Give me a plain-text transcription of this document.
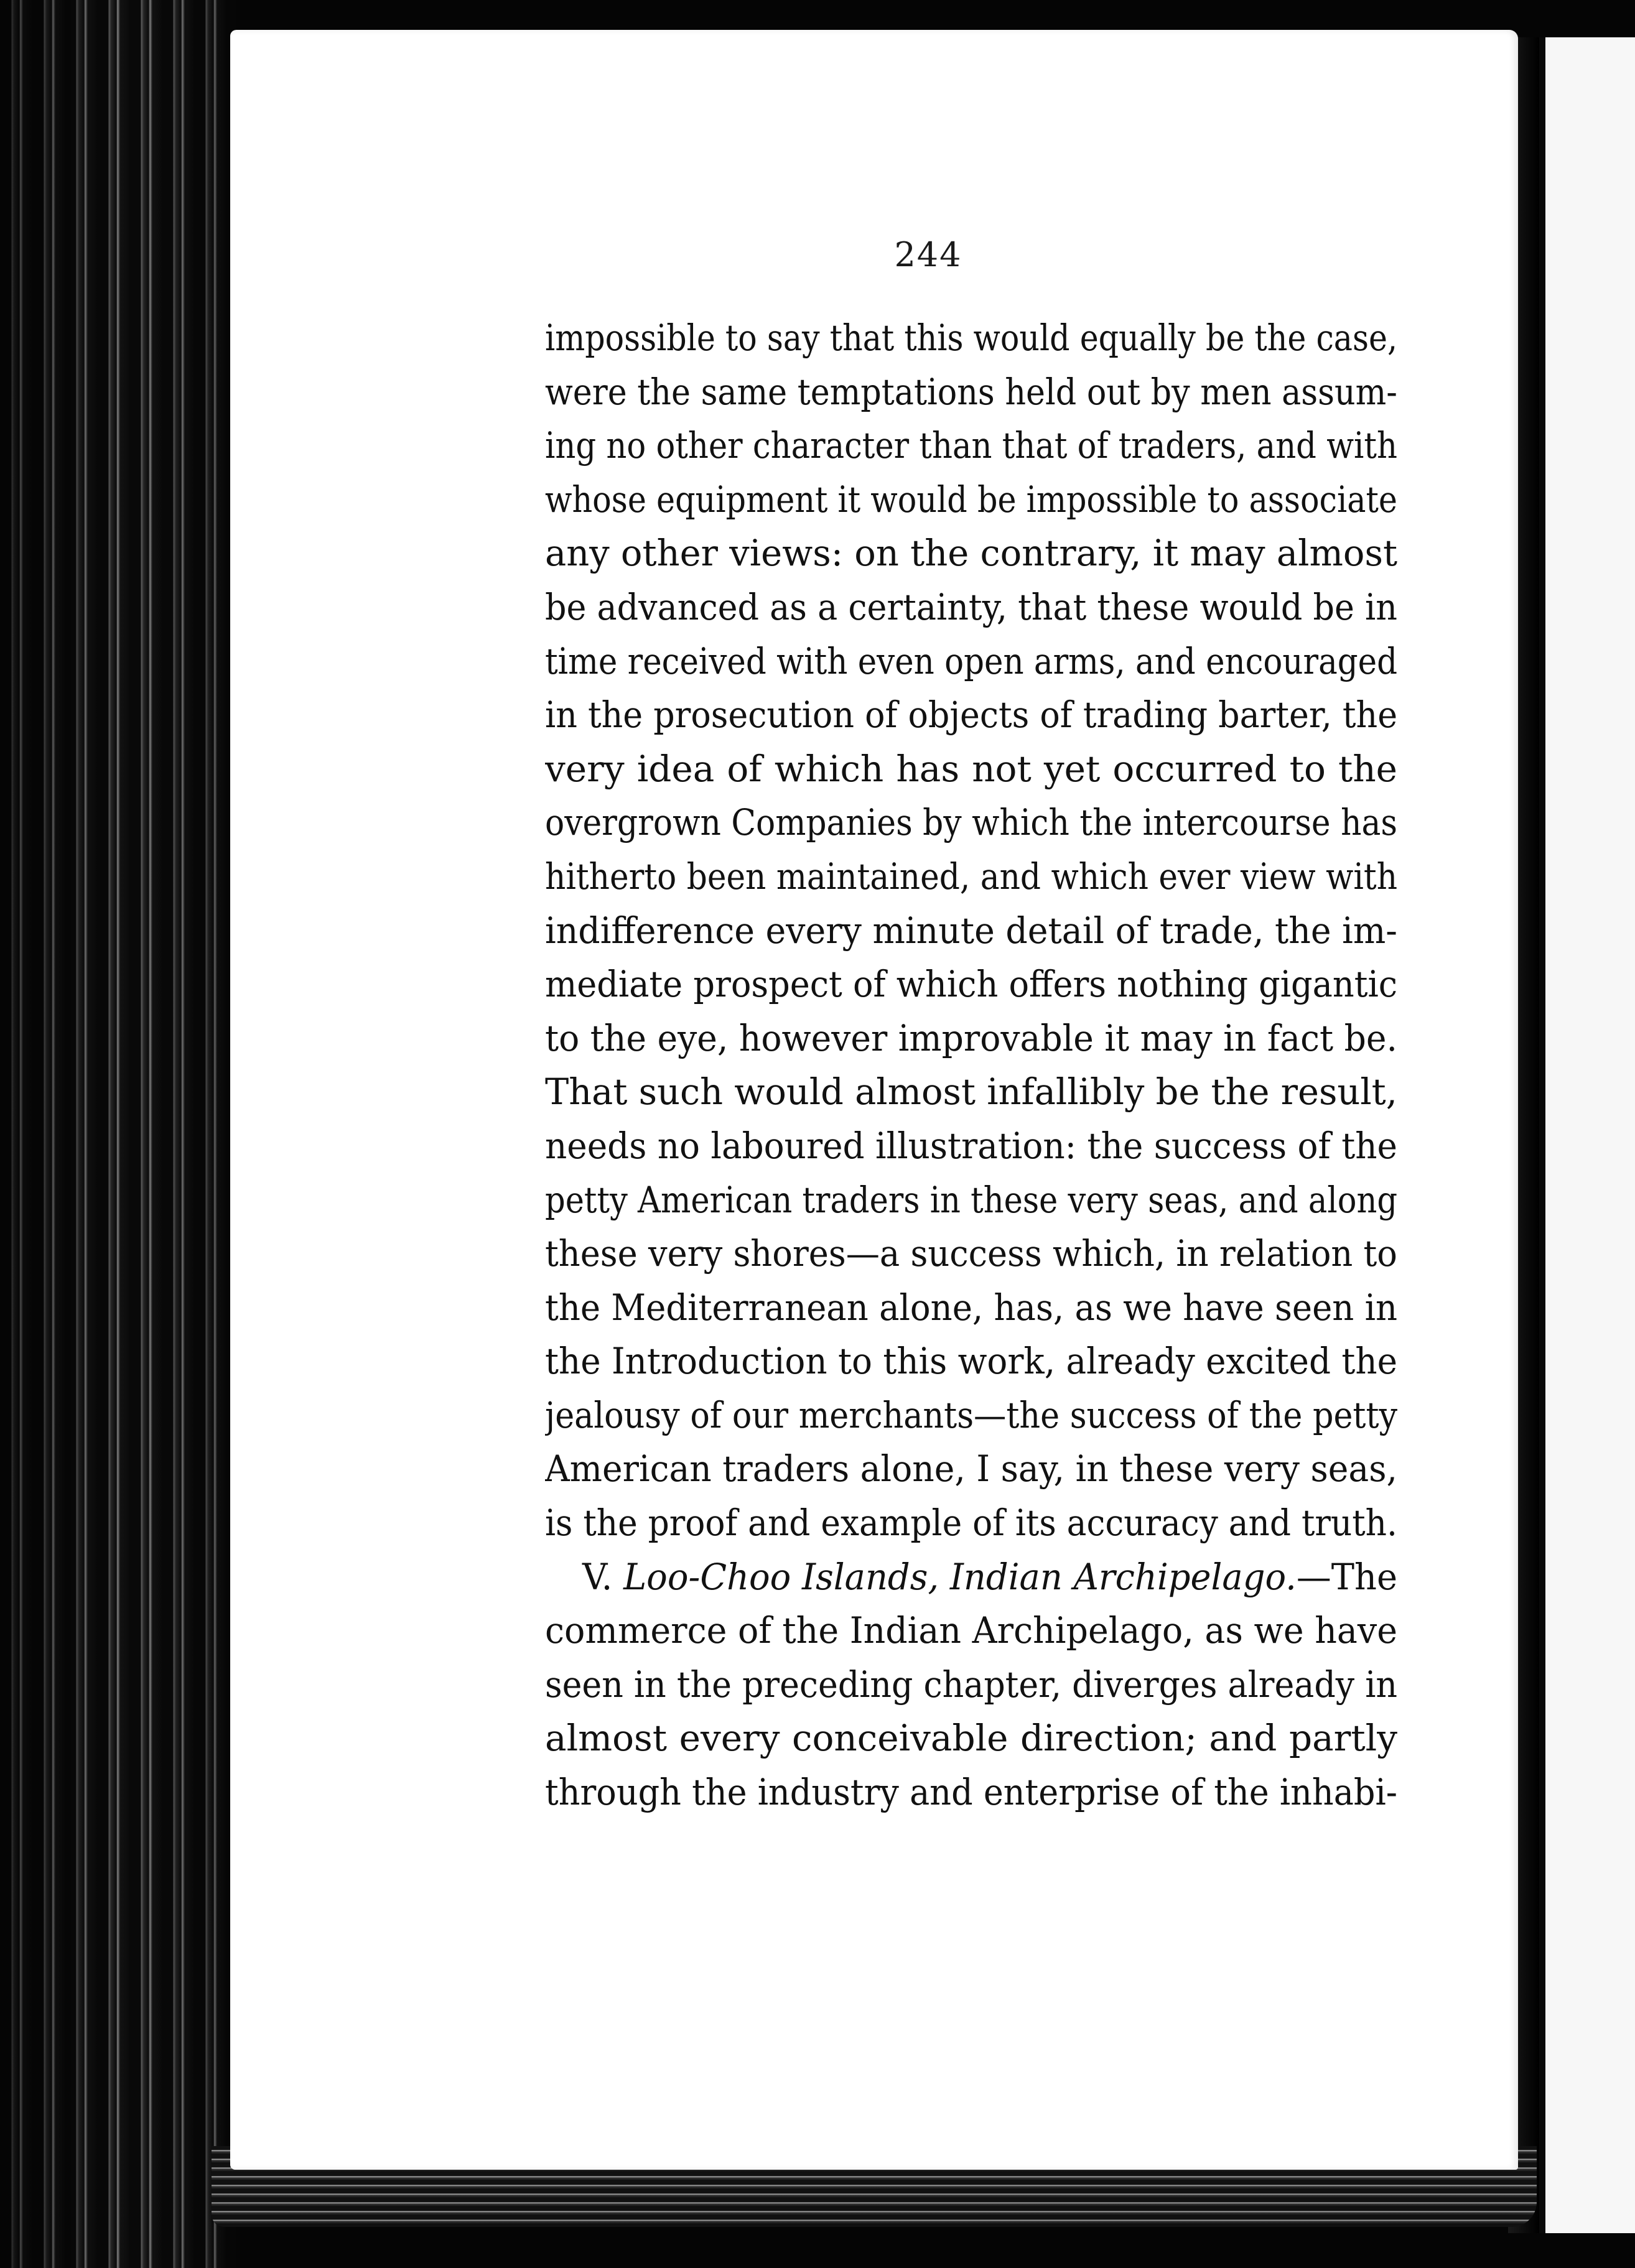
244
impossible to say that this would equally be the case,
were the same temptations held out by men assum-
ing no other character than that of traders, and with
whose equipment it would be impossible to associate
any other views: on the contrary, it may almost
be advanced as a certainty, that these would be in
time received with even open arms, and encouraged
in the prosecution of objects of trading barter, the
very idea of which has not yet occurred to the
overgrown Companies by which the intercourse has
hitherto been maintained, and which ever view with
indifference every minute detail of trade, the im-
mediate prospect of which offers nothing gigantic
to the eye, however improvable it may in fact be.
That such would almost infallibly be the result,
needs no laboured illustration: the success of the
petty American traders in these very seas, and along
these very shores—a success which, in relation to
the Mediterranean alone, has, as we have seen in
the Introduction to this work, already excited the
jealousy of our merchants—the success of the petty
American traders alone, I say, in these very seas,
is the proof and example of its accuracy and truth.
V. Loo-Choo Islands, Indian Archipelago.—The
commerce of the Indian Archipelago, as we have
seen in the preceding chapter, diverges already in
almost every conceivable direction; and partly
through the industry and enterprise of the inhabi-
